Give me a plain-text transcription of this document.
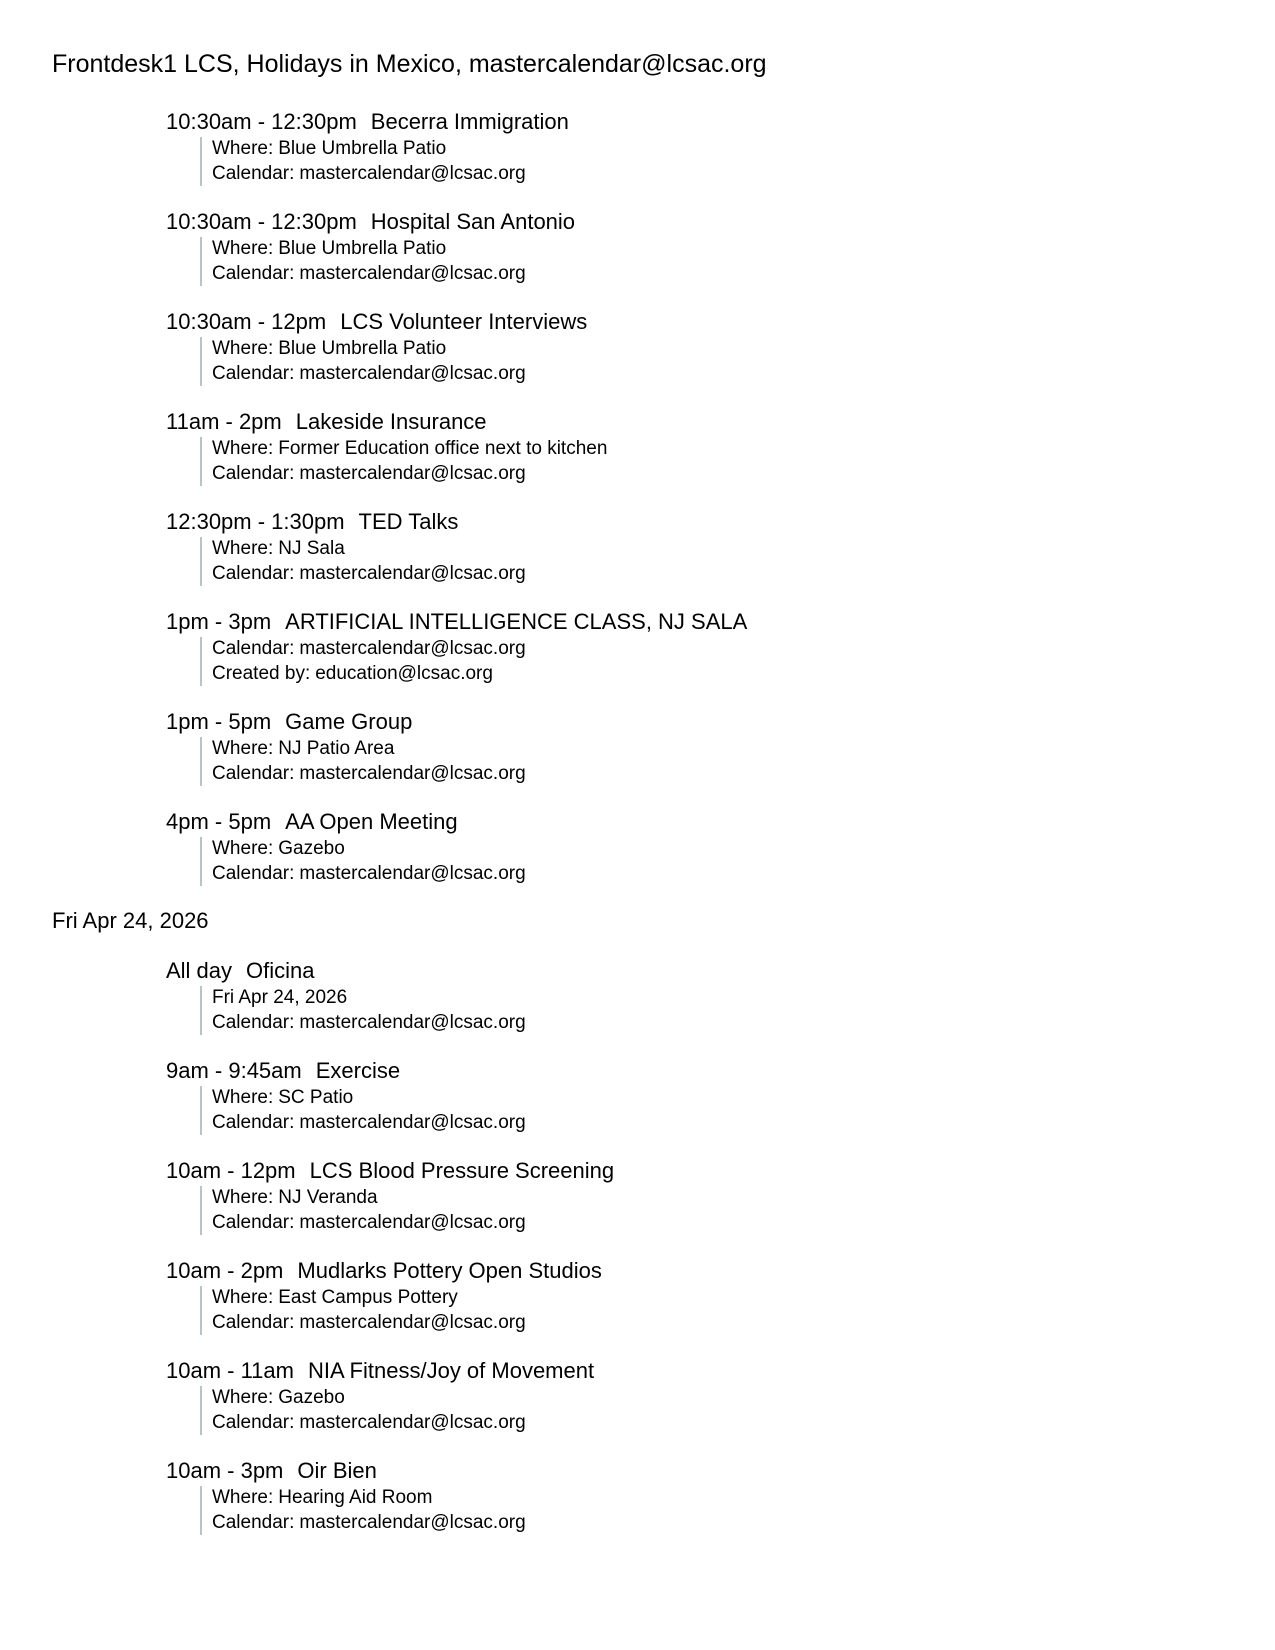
Frontdesk1 LCS, Holidays in Mexico, mastercalendar@lcsac.org
10:30am - 12:30pm Becerra Immigration
Where: Blue Umbrella Patio
Calendar: mastercalendar@lcsac.org
10:30am - 12:30pm Hospital San Antonio
Where: Blue Umbrella Patio
Calendar: mastercalendar@lcsac.org
10:30am - 12pm LCS Volunteer Interviews
Where: Blue Umbrella Patio
Calendar: mastercalendar@lcsac.org
11am - 2pm Lakeside Insurance
Where: Former Education office next to kitchen
Calendar: mastercalendar@lcsac.org
12:30pm - 1:30pm TED Talks
Where: NJ Sala
Calendar: mastercalendar@lcsac.org
1pm - 3pm ARTIFICIAL INTELLIGENCE CLASS, NJ SALA
Calendar: mastercalendar@lcsac.org
Created by: education@lcsac.org
1pm - 5pm Game Group
Where: NJ Patio Area
Calendar: mastercalendar@lcsac.org
4pm - 5pm AA Open Meeting
Where: Gazebo
Calendar: mastercalendar@lcsac.org
Fri Apr 24, 2026
All day Oficina
Fri Apr 24, 2026
Calendar: mastercalendar@lcsac.org
9am - 9:45am Exercise
Where: SC Patio
Calendar: mastercalendar@lcsac.org
10am - 12pm LCS Blood Pressure Screening
Where: NJ Veranda
Calendar: mastercalendar@lcsac.org
10am - 2pm Mudlarks Pottery Open Studios
Where: East Campus Pottery
Calendar: mastercalendar@lcsac.org
10am - 11am NIA Fitness/Joy of Movement
Where: Gazebo
Calendar: mastercalendar@lcsac.org
10am - 3pm Oir Bien
Where: Hearing Aid Room
Calendar: mastercalendar@lcsac.org
